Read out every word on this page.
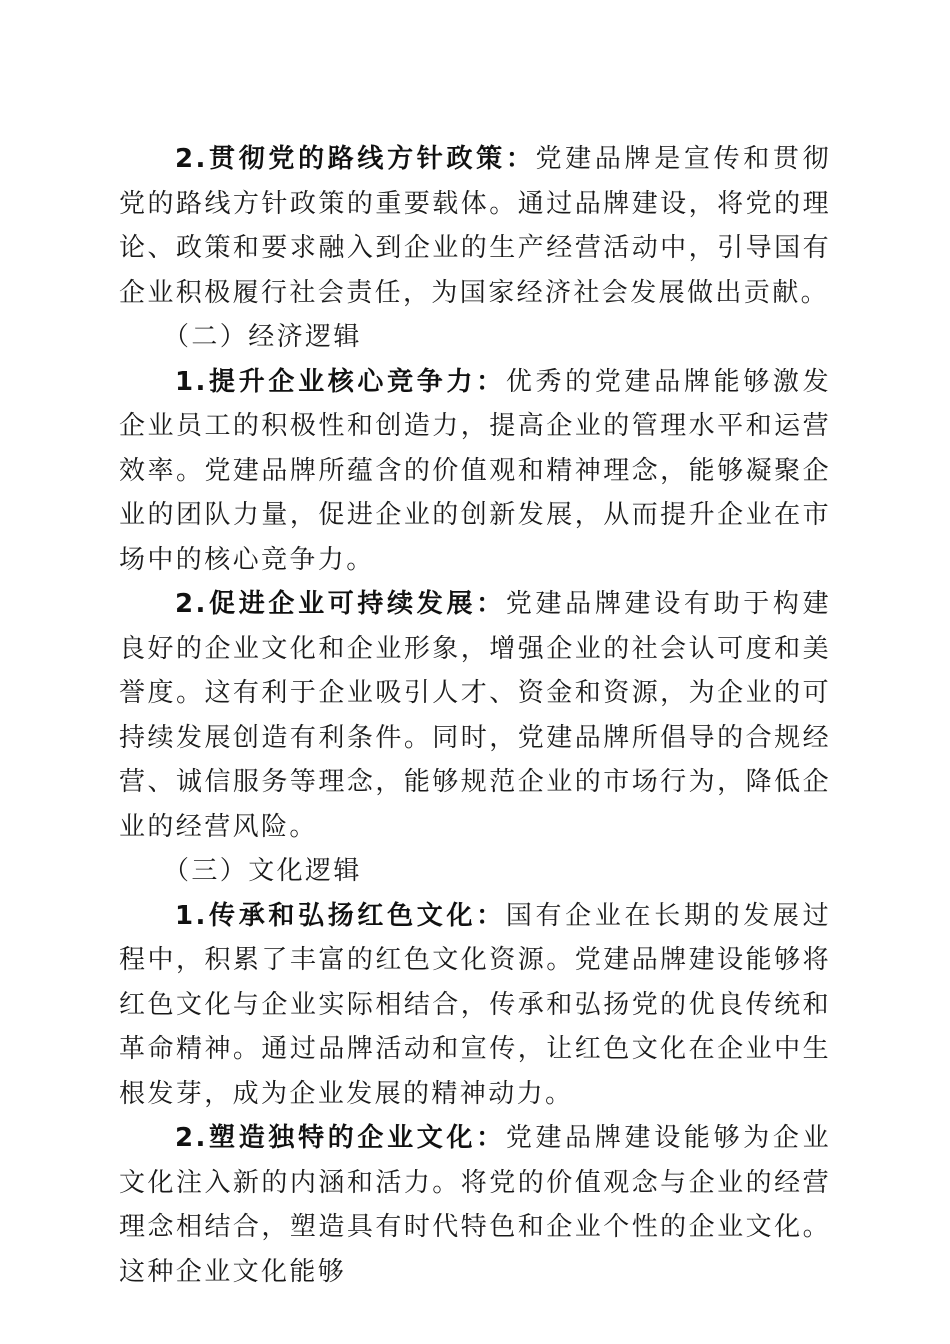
2.贯彻党的路线方针政策：党建品牌是宣传和贯彻党的路线方针政策的重要载体。通过品牌建设，将党的理论、政策和要求融入到企业的生产经营活动中，引导国有企业积极履行社会责任，为国家经济社会发展做出贡献。

（二）经济逻辑

1.提升企业核心竞争力：优秀的党建品牌能够激发企业员工的积极性和创造力，提高企业的管理水平和运营效率。党建品牌所蕴含的价值观和精神理念，能够凝聚企业的团队力量，促进企业的创新发展，从而提升企业在市场中的核心竞争力。

2.促进企业可持续发展：党建品牌建设有助于构建良好的企业文化和企业形象，增强企业的社会认可度和美誉度。这有利于企业吸引人才、资金和资源，为企业的可持续发展创造有利条件。同时，党建品牌所倡导的合规经营、诚信服务等理念，能够规范企业的市场行为，降低企业的经营风险。

（三）文化逻辑

1.传承和弘扬红色文化：国有企业在长期的发展过程中，积累了丰富的红色文化资源。党建品牌建设能够将红色文化与企业实际相结合，传承和弘扬党的优良传统和革命精神。通过品牌活动和宣传，让红色文化在企业中生根发芽，成为企业发展的精神动力。

2.塑造独特的企业文化：党建品牌建设能够为企业文化注入新的内涵和活力。将党的价值观念与企业的经营理念相结合，塑造具有时代特色和企业个性的企业文化。这种企业文化能够
